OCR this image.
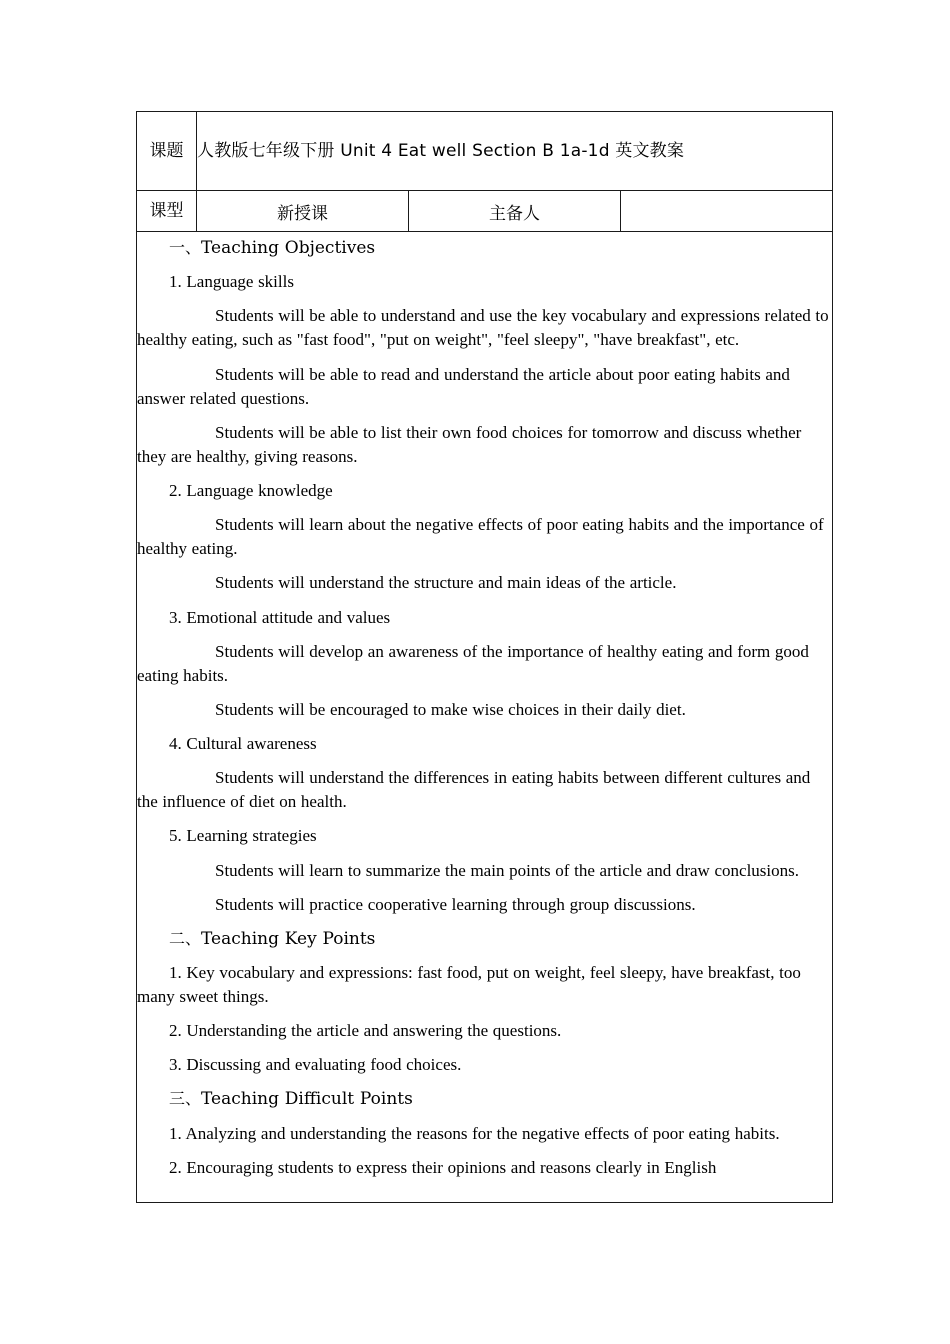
课题	人教版七年级下册 Unit 4 Eat well Section B 1a-1d 英文教案		
课型	新授课	主备人	

一、Teaching Objectives

1. Language skills

Students will be able to understand and use the key vocabulary and expressions related to healthy eating, such as "fast food", "put on weight", "feel sleepy", "have breakfast", etc.

Students will be able to read and understand the article about poor eating habits and answer related questions.

Students will be able to list their own food choices for tomorrow and discuss whether they are healthy, giving reasons.

2. Language knowledge

Students will learn about the negative effects of poor eating habits and the importance of healthy eating.

Students will understand the structure and main ideas of the article.

3. Emotional attitude and values

Students will develop an awareness of the importance of healthy eating and form good eating habits.

Students will be encouraged to make wise choices in their daily diet.

4. Cultural awareness

Students will understand the differences in eating habits between different cultures and the influence of diet on health.

5. Learning strategies

Students will learn to summarize the main points of the article and draw conclusions.

Students will practice cooperative learning through group discussions.

二、Teaching Key Points

1. Key vocabulary and expressions: fast food, put on weight, feel sleepy, have breakfast, too many sweet things.

2. Understanding the article and answering the questions.

3. Discussing and evaluating food choices.

三、Teaching Difficult Points

1. Analyzing and understanding the reasons for the negative effects of poor eating habits.

2. Encouraging students to express their opinions and reasons clearly in English
